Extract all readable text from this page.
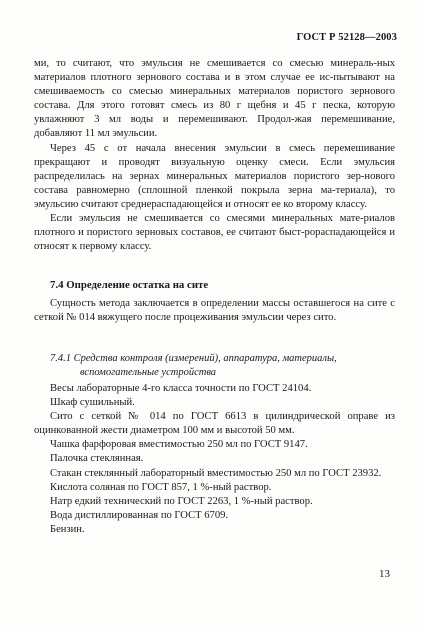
ГОСТ Р 52128—2003

ми, то считают, что эмульсия не смешивается со смесью минераль-ных материалов плотного зернового состава и в этом случае ее ис-пытывают на смешиваемость со смесью минеральных материалов пористого зернового состава. Для этого готовят смесь из 80 г щебня и 45 г песка, которую увлажняют 3 мл воды и перемешивают. Продол-жая перемешивание, добавляют 11 мл эмульсии.

Через 45 с от начала внесения эмульсии в смесь перемешивание прекращают и проводят визуальную оценку смеси. Если эмульсия распределилась на зернах минеральных материалов пористого зер-нового состава равномерно (сплошной пленкой покрыла зерна ма-териала), то эмульсию считают среднераспадающейся и относят ее ко второму классу.

Если эмульсия не смешивается со смесями минеральных мате-риалов плотного и пористого зерновых составов, ее считают быст-рораспадающейся и относят к первому классу.

7.4 Определение остатка на сите

Сущность метода заключается в определении массы оставшегося на сите с сеткой № 014 вяжущего после процеживания эмульсии через сито.

7.4.1 Средства контроля (измерений), аппаратура, материалы,
вспомогательные устройства
Весы лабораторные 4-го класса точности по ГОСТ 24104.
Шкаф сушильный.
Сито с сеткой № 014 по ГОСТ 6613 в цилиндрической оправе из оцинкованной жести диаметром 100 мм и высотой 50 мм.
Чашка фарфоровая вместимостью 250 мл по ГОСТ 9147.
Палочка стеклянная.
Стакан стеклянный лабораторный вместимостью 250 мл по ГОСТ 23932.
Кислота соляная по ГОСТ 857, 1 %-ный раствор.
Натр едкий технический по ГОСТ 2263, 1 %-ный раствор.
Вода дистиллированная по ГОСТ 6709.
Бензин.
13
